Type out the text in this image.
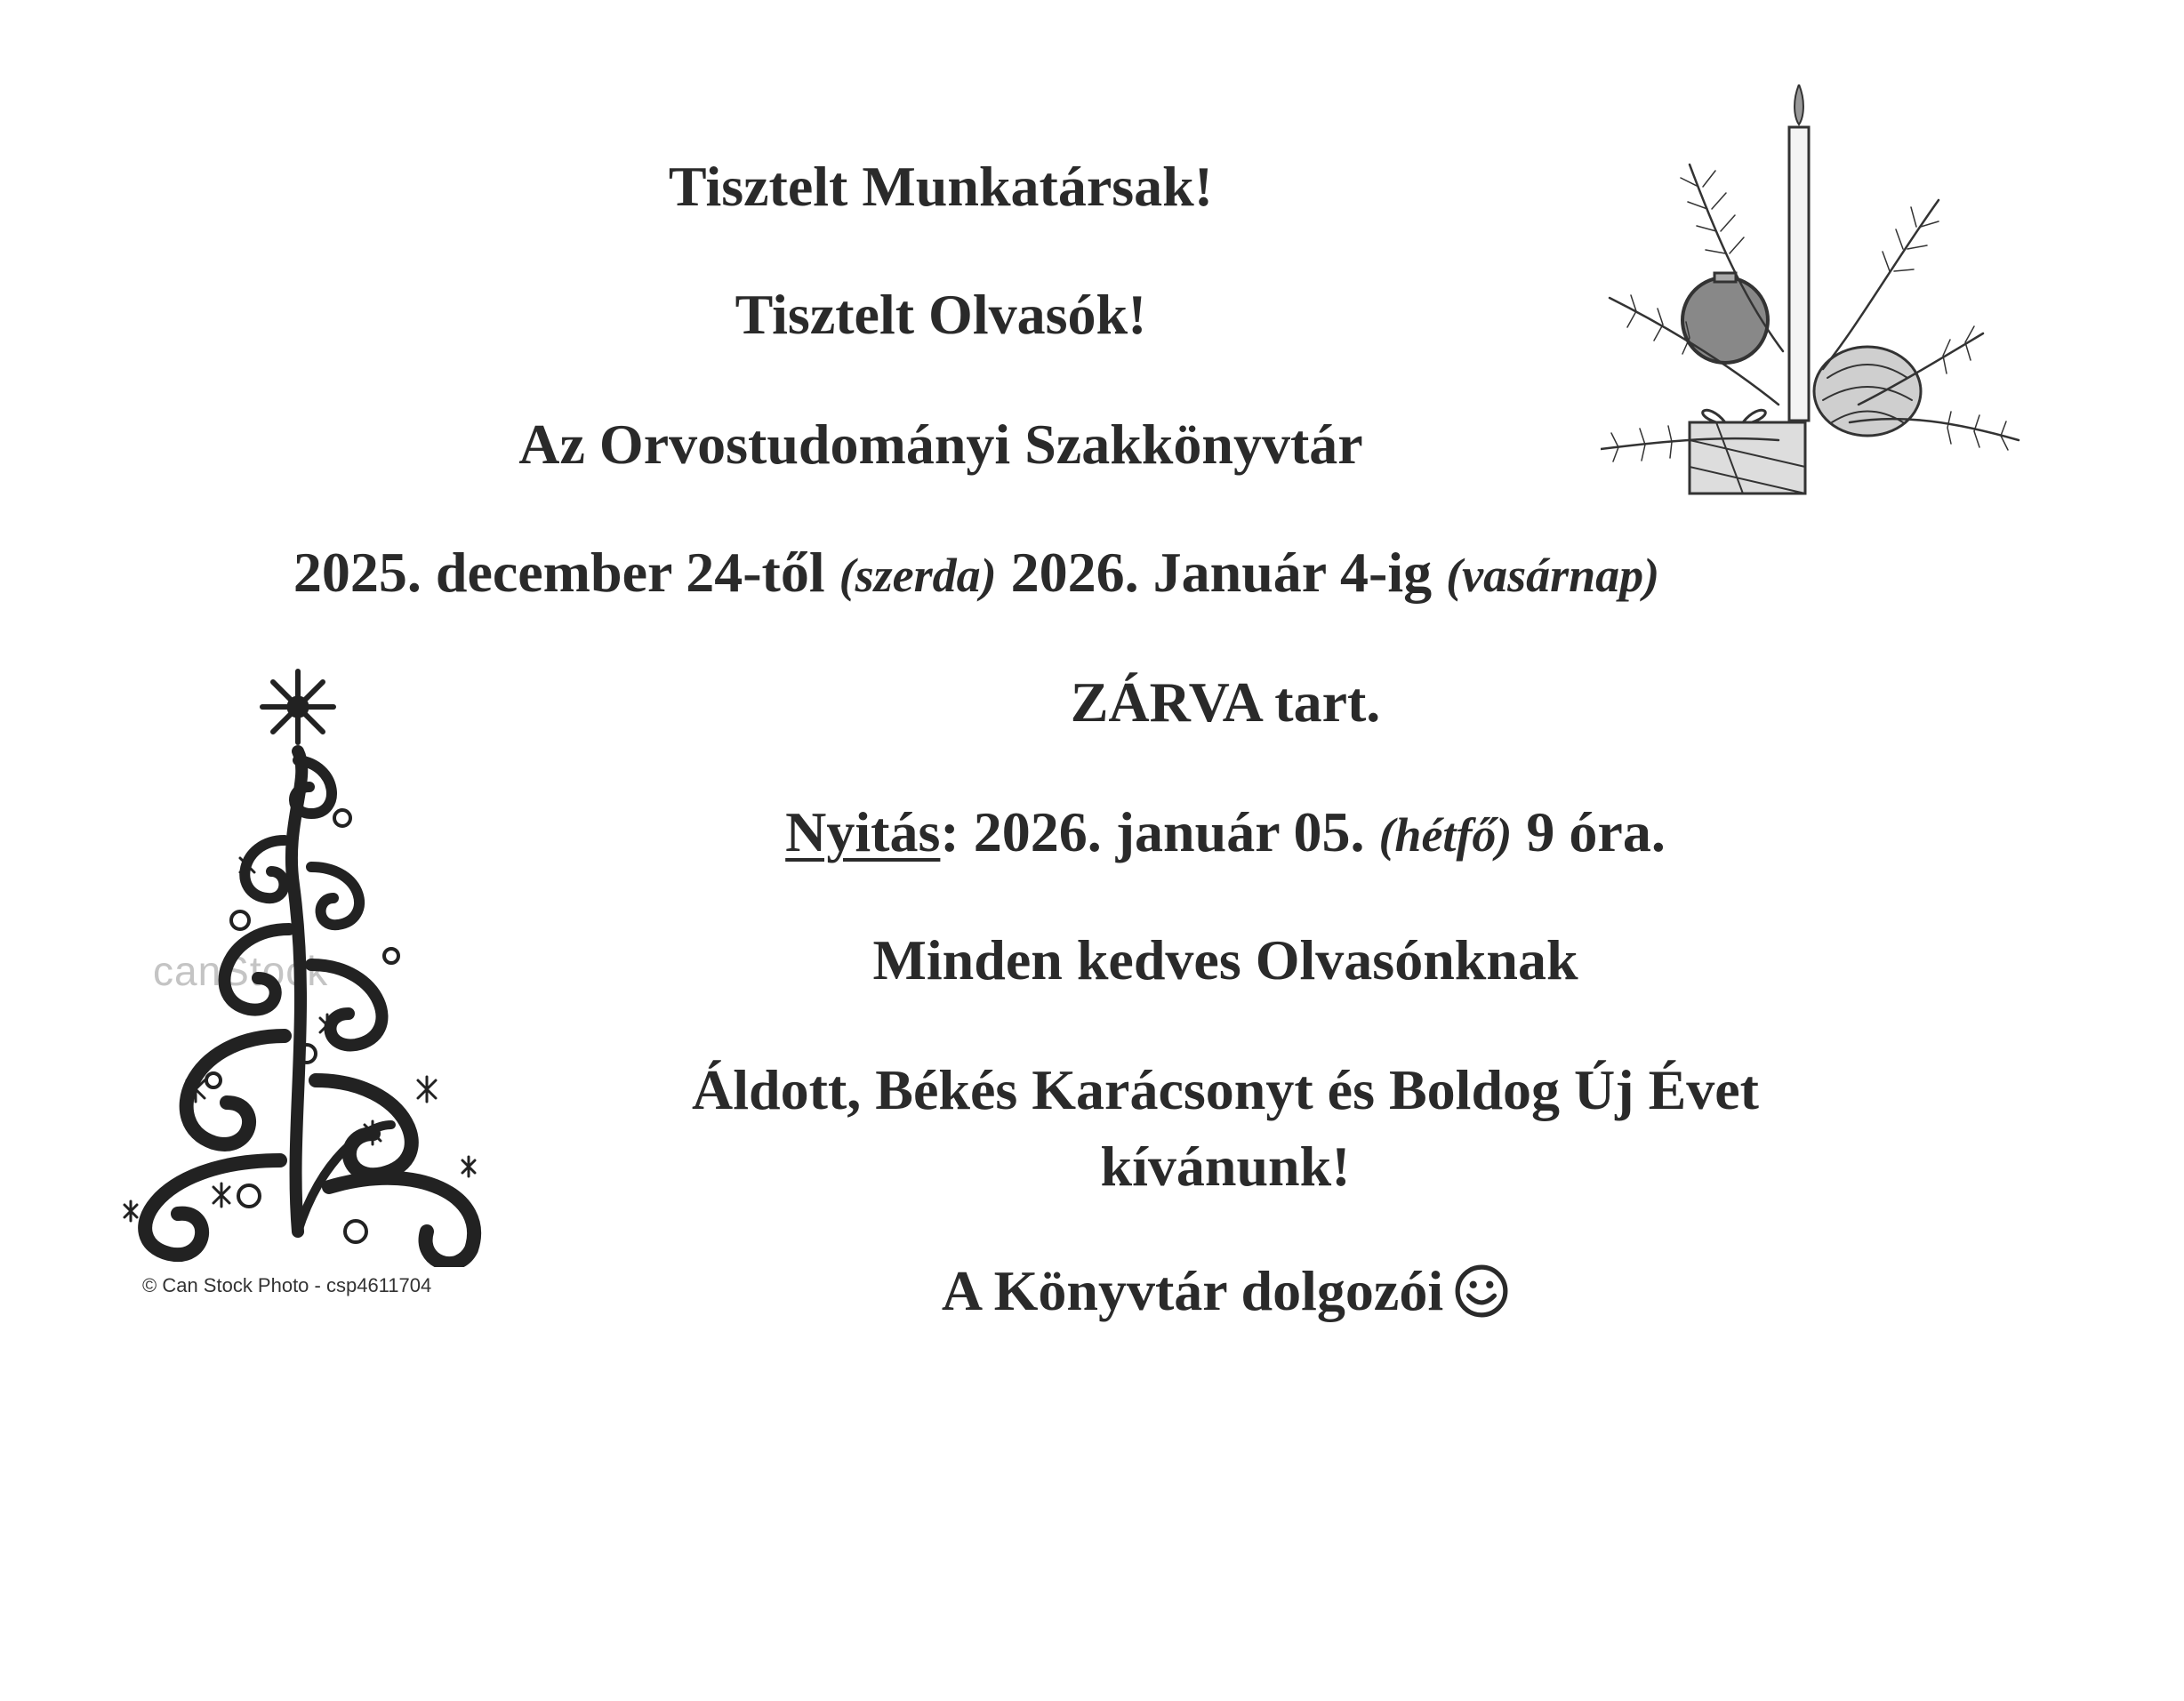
Tisztelt Munkatársak!
Tisztelt Olvasók!
Az Orvostudományi Szakkönyvtár
2025. december 24-től (szerda) 2026. Január 4-ig (vasárnap)
ZÁRVA tart.
Nyitás: 2026. január 05. (hétfő) 9 óra.
Minden kedves Olvasónknak
Áldott, Békés Karácsonyt és Boldog Új Évet
kívánunk!
A Könyvtár dolgozói
canStock
© Can Stock Photo - csp4611704
